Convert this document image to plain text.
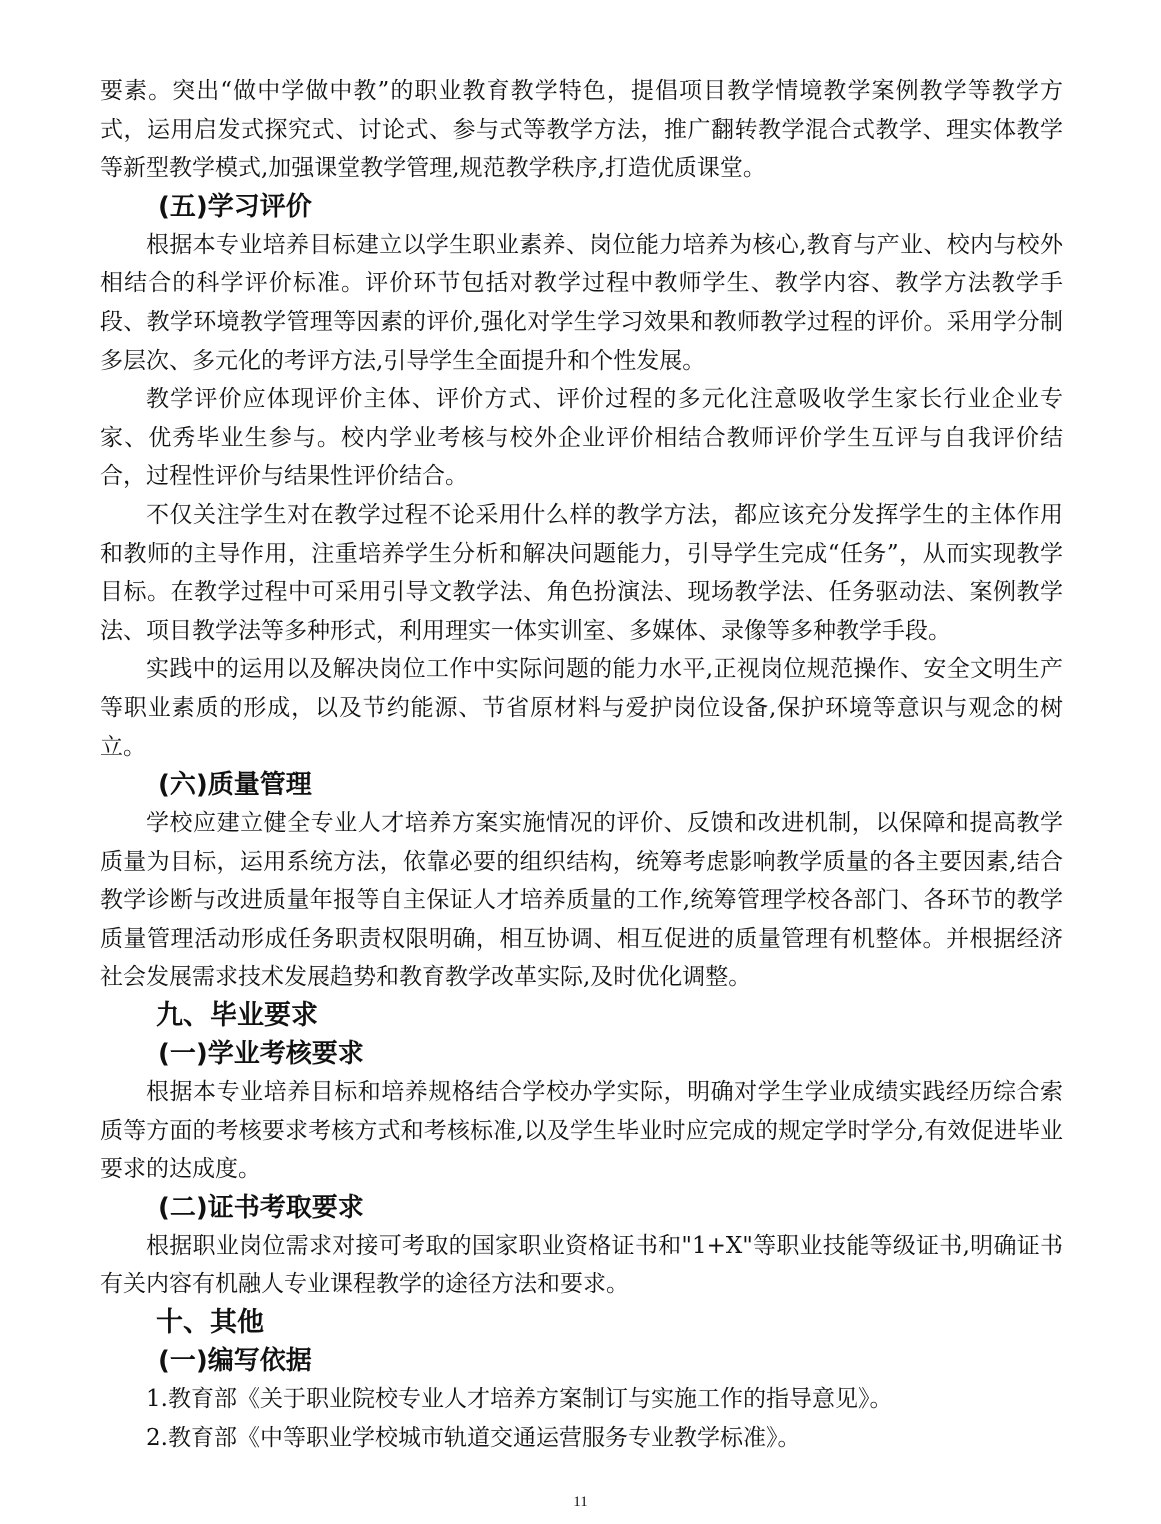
要素。突出“做中学做中教”的职业教育教学特色，提倡项目教学情境教学案例教学等教学方式，运用启发式探究式、讨论式、参与式等教学方法，推广翻转教学混合式教学、理实体教学等新型教学模式,加强课堂教学管理,规范教学秩序,打造优质课堂。

(五)学习评价

根据本专业培养目标建立以学生职业素养、岗位能力培养为核心,教育与产业、校内与校外相结合的科学评价标准。评价环节包括对教学过程中教师学生、教学内容、教学方法教学手段、教学环境教学管理等因素的评价,强化对学生学习效果和教师教学过程的评价。采用学分制多层次、多元化的考评方法,引导学生全面提升和个性发展。

教学评价应体现评价主体、评价方式、评价过程的多元化注意吸收学生家长行业企业专家、优秀毕业生参与。校内学业考核与校外企业评价相结合教师评价学生互评与自我评价结合，过程性评价与结果性评价结合。

不仅关注学生对在教学过程不论采用什么样的教学方法，都应该充分发挥学生的主体作用和教师的主导作用，注重培养学生分析和解决问题能力，引导学生完成“任务”，从而实现教学目标。在教学过程中可采用引导文教学法、角色扮演法、现场教学法、任务驱动法、案例教学法、项目教学法等多种形式，利用理实一体实训室、多媒体、录像等多种教学手段。

实践中的运用以及解决岗位工作中实际问题的能力水平,正视岗位规范操作、安全文明生产等职业素质的形成，以及节约能源、节省原材料与爱护岗位设备,保护环境等意识与观念的树立。

(六)质量管理

学校应建立健全专业人才培养方案实施情况的评价、反馈和改进机制，以保障和提高教学质量为目标，运用系统方法，依靠必要的组织结构，统筹考虑影响教学质量的各主要因素,结合教学诊断与改进质量年报等自主保证人才培养质量的工作,统筹管理学校各部门、各环节的教学质量管理活动形成任务职责权限明确，相互协调、相互促进的质量管理有机整体。并根据经济社会发展需求技术发展趋势和教育教学改革实际,及时优化调整。

九、毕业要求
(一)学业考核要求

根据本专业培养目标和培养规格结合学校办学实际，明确对学生学业成绩实践经历综合索质等方面的考核要求考核方式和考核标准,以及学生毕业时应完成的规定学时学分,有效促进毕业要求的达成度。

(二)证书考取要求

根据职业岗位需求对接可考取的国家职业资格证书和"1+X"等职业技能等级证书,明确证书有关内容有机融人专业课程教学的途径方法和要求。

十、其他
(一)编写依据

1.教育部《关于职业院校专业人才培养方案制订与实施工作的指导意见》。

2.教育部《中等职业学校城市轨道交通运营服务专业教学标准》。

11
